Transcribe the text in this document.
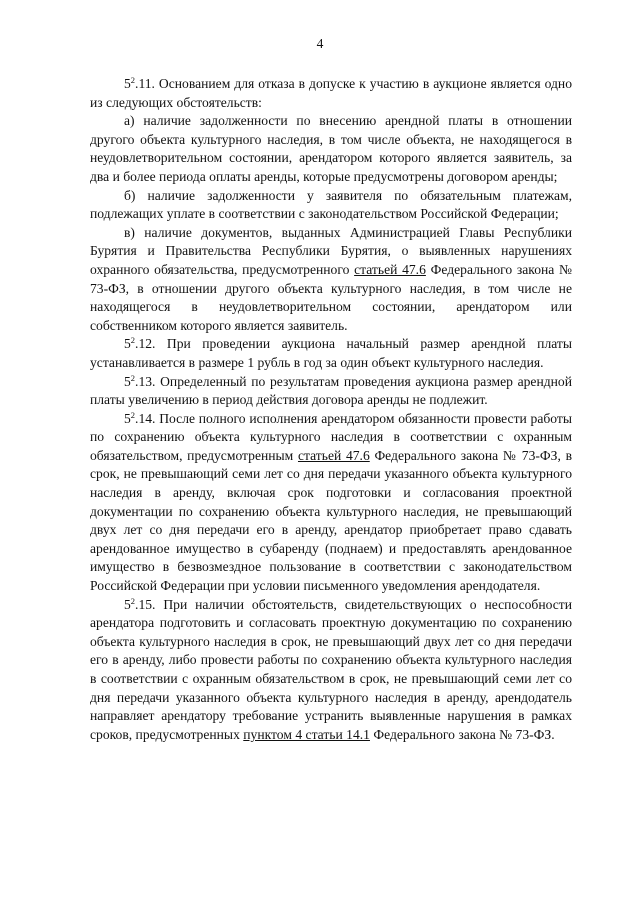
4

$5^2.11$. Основанием для отказа в допуске к участию в аукционе является одно из следующих обстоятельств:

а) наличие задолженности по внесению арендной платы в отношении другого объекта культурного наследия, в том числе объекта, не находящегося в неудовлетворительном состоянии, арендатором которого является заявитель, за два и более периода оплаты аренды, которые предусмотрены договором аренды;

б) наличие задолженности у заявителя по обязательным платежам, подлежащих уплате в соответствии с законодательством Российской Федерации;

в) наличие документов, выданных Администрацией Главы Республики Бурятия и Правительства Республики Бурятия, о выявленных нарушениях охранного обязательства, предусмотренного статьей 47.6 Федерального закона № 73-ФЗ, в отношении другого объекта культурного наследия, в том числе не находящегося в неудовлетворительном состоянии, арендатором или собственником которого является заявитель.

$5^2.12$. При проведении аукциона начальный размер арендной платы устанавливается в размере 1 рубль в год за один объект культурного наследия.

$5^2.13$. Определенный по результатам проведения аукциона размер арендной платы увеличению в период действия договора аренды не подлежит.

$5^2.14$. После полного исполнения арендатором обязанности провести работы по сохранению объекта культурного наследия в соответствии с охранным обязательством, предусмотренным статьей 47.6 Федерального закона № 73-ФЗ, в срок, не превышающий семи лет со дня передачи указанного объекта культурного наследия в аренду, включая срок подготовки и согласования проектной документации по сохранению объекта культурного наследия, не превышающий двух лет со дня передачи его в аренду, арендатор приобретает право сдавать арендованное имущество в субаренду (поднаем) и предоставлять арендованное имущество в безвозмездное пользование в соответствии с законодательством Российской Федерации при условии письменного уведомления арендодателя.

$5^2.15$. При наличии обстоятельств, свидетельствующих о неспособности арендатора подготовить и согласовать проектную документацию по сохранению объекта культурного наследия в срок, не превышающий двух лет со дня передачи его в аренду, либо провести работы по сохранению объекта культурного наследия в соответствии с охранным обязательством в срок, не превышающий семи лет со дня передачи указанного объекта культурного наследия в аренду, арендодатель направляет арендатору требование устранить выявленные нарушения в рамках сроков, предусмотренных пунктом 4 статьи 14.1 Федерального закона № 73-ФЗ.
